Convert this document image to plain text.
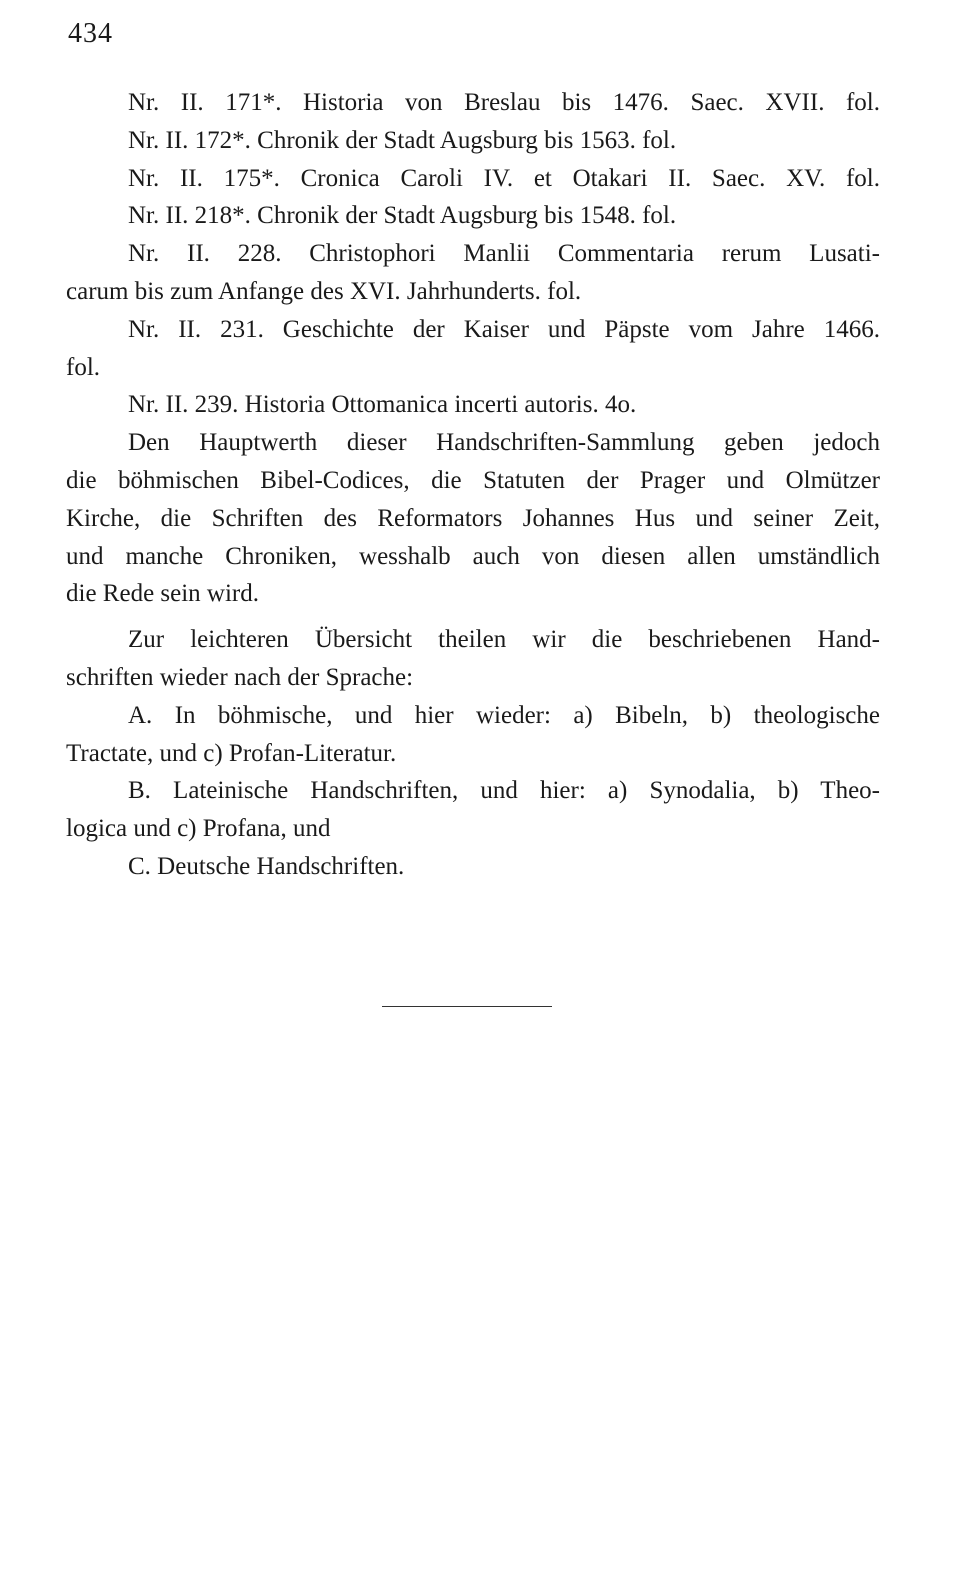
434
Nr. II. 171*. Historia von Breslau bis 1476. Saec. XVII. fol.
Nr. II. 172*. Chronik der Stadt Augsburg bis 1563. fol.
Nr. II. 175*. Cronica Caroli IV. et Otakari II. Saec. XV. fol.
Nr. II. 218*. Chronik der Stadt Augsburg bis 1548. fol.
Nr. II. 228. Christophori Manlii Commentaria rerum Lusati-
carum bis zum Anfange des XVI. Jahrhunderts. fol.
Nr. II. 231. Geschichte der Kaiser und Päpste vom Jahre 1466.
fol.
Nr. II. 239. Historia Ottomanica incerti autoris. 4o.
Den Hauptwerth dieser Handschriften-Sammlung geben jedoch
die böhmischen Bibel-Codices, die Statuten der Prager und Olmützer
Kirche, die Schriften des Reformators Johannes Hus und seiner Zeit,
und manche Chroniken, wesshalb auch von diesen allen umständlich
die Rede sein wird.
Zur leichteren Übersicht theilen wir die beschriebenen Hand-
schriften wieder nach der Sprache:
A. In böhmische, und hier wieder: a) Bibeln, b) theologische
Tractate, und c) Profan-Literatur.
B. Lateinische Handschriften, und hier: a) Synodalia, b) Theo-
logica und c) Profana, und
C. Deutsche Handschriften.
